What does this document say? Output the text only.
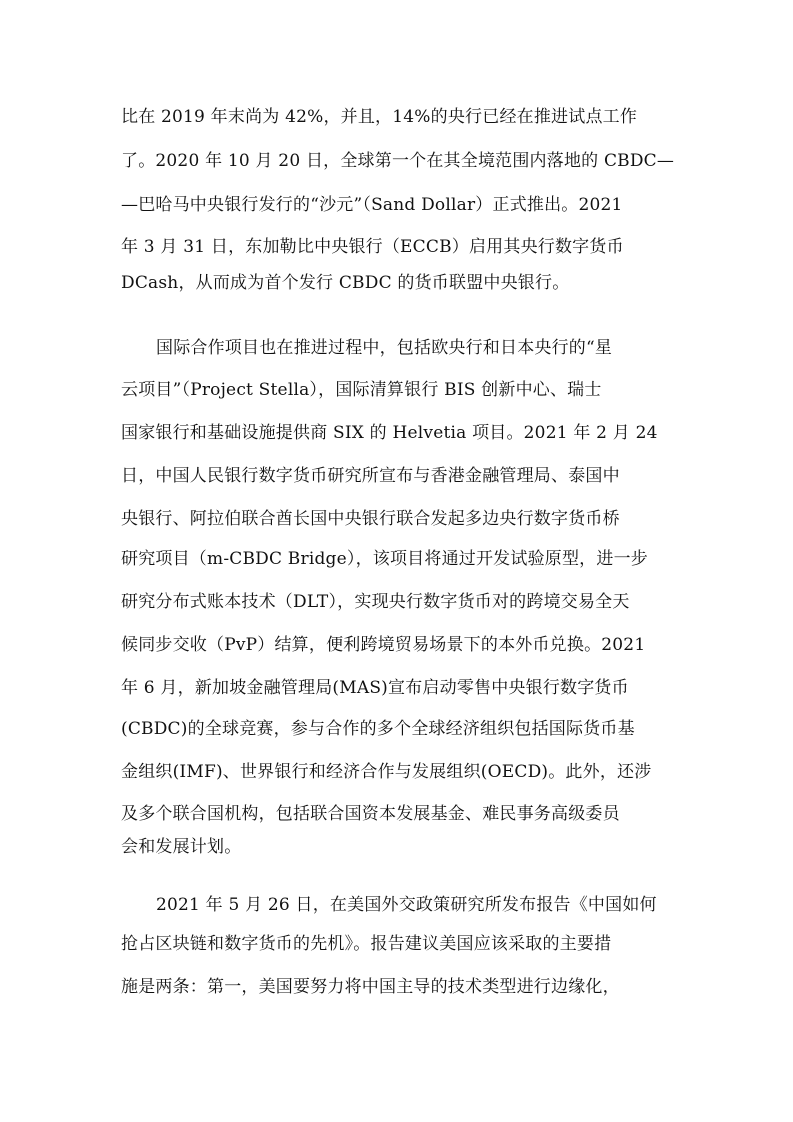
比在 2019 年末尚为 42%，并且，14%的央行已经在推进试点工作
了。2020 年 10 月 20 日，全球第一个在其全境范围内落地的 CBDC—
—巴哈马中央银行发行的“沙元”（Sand Dollar）正式推出。2021
年 3 月 31 日，东加勒比中央银行（ECCB）启用其央行数字货币
DCash，从而成为首个发行 CBDC 的货币联盟中央银行。
国际合作项目也在推进过程中，包括欧央行和日本央行的“星
云项目”（Project Stella），国际清算银行 BIS 创新中心、瑞士
国家银行和基础设施提供商 SIX 的 Helvetia 项目。2021 年 2 月 24
日，中国人民银行数字货币研究所宣布与香港金融管理局、泰国中
央银行、阿拉伯联合酋长国中央银行联合发起多边央行数字货币桥
研究项目（m-CBDC Bridge），该项目将通过开发试验原型，进一步
研究分布式账本技术（DLT），实现央行数字货币对的跨境交易全天
候同步交收（PvP）结算，便利跨境贸易场景下的本外币兑换。2021
年 6 月，新加坡金融管理局(MAS)宣布启动零售中央银行数字货币
(CBDC)的全球竞赛，参与合作的多个全球经济组织包括国际货币基
金组织(IMF)、世界银行和经济合作与发展组织(OECD)。此外，还涉
及多个联合国机构，包括联合国资本发展基金、难民事务高级委员
会和发展计划。
2021 年 5 月 26 日，在美国外交政策研究所发布报告《中国如何
抢占区块链和数字货币的先机》。报告建议美国应该采取的主要措
施是两条：第一，美国要努力将中国主导的技术类型进行边缘化，
